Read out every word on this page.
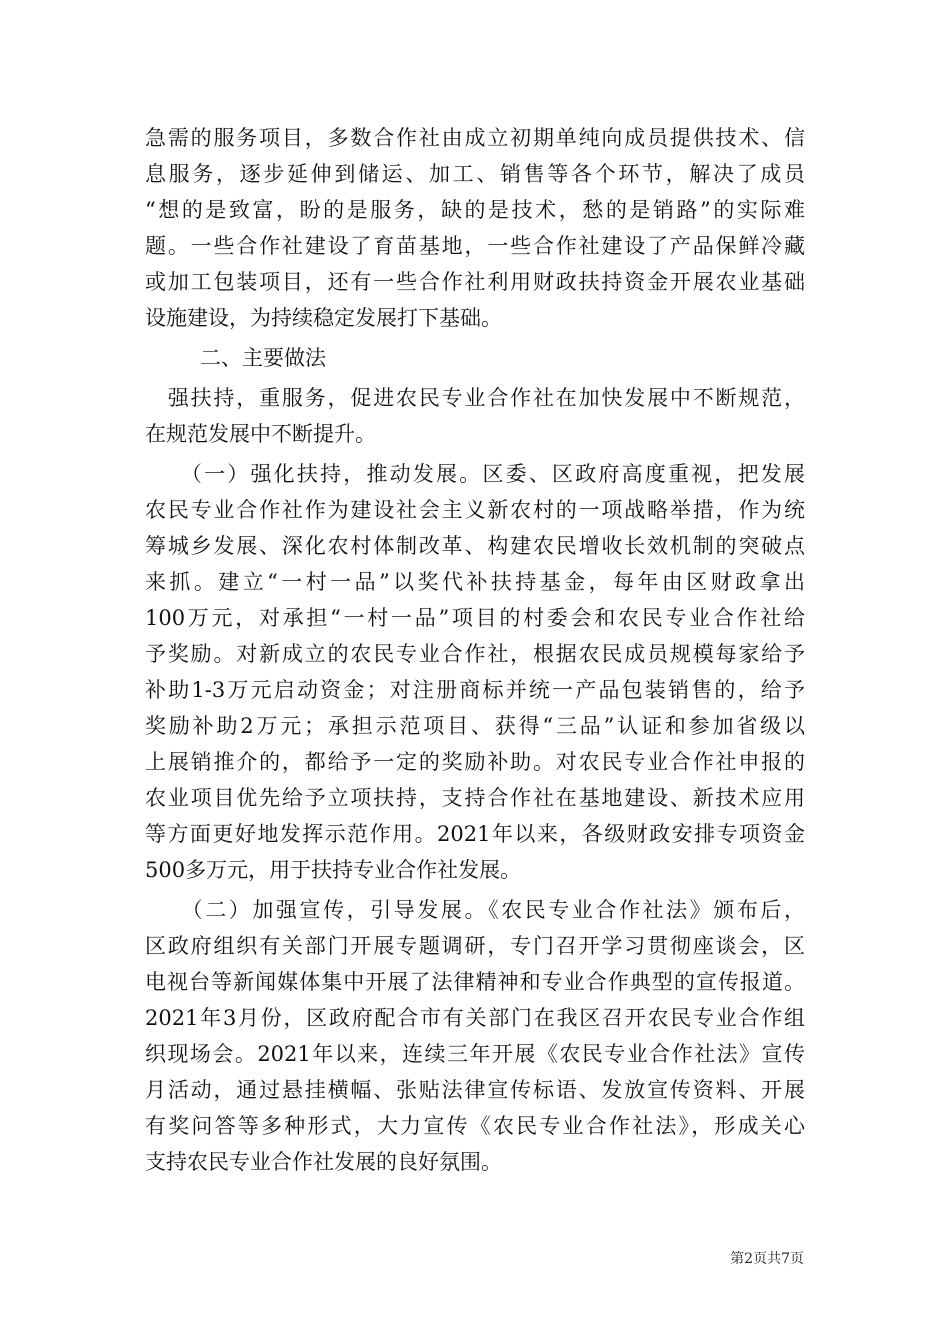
急需的服务项目，多数合作社由成立初期单纯向成员提供技术、信
息服务，逐步延伸到储运、加工、销售等各个环节，解决了成员
“想的是致富，盼的是服务，缺的是技术，愁的是销路”的实际难
题。一些合作社建设了育苗基地，一些合作社建设了产品保鲜冷藏
或加工包装项目，还有一些合作社利用财政扶持资金开展农业基础
设施建设，为持续稳定发展打下基础。
二、主要做法
　强扶持，重服务，促进农民专业合作社在加快发展中不断规范，
在规范发展中不断提升。
　　（一）强化扶持，推动发展。区委、区政府高度重视，把发展
农民专业合作社作为建设社会主义新农村的一项战略举措，作为统
筹城乡发展、深化农村体制改革、构建农民增收长效机制的突破点
来抓。建立“一村一品”以奖代补扶持基金，每年由区财政拿出
100万元，对承担“一村一品”项目的村委会和农民专业合作社给
予奖励。对新成立的农民专业合作社，根据农民成员规模每家给予
补助1-3万元启动资金；对注册商标并统一产品包装销售的，给予
奖励补助2万元；承担示范项目、获得“三品”认证和参加省级以
上展销推介的，都给予一定的奖励补助。对农民专业合作社申报的
农业项目优先给予立项扶持，支持合作社在基地建设、新技术应用
等方面更好地发挥示范作用。2021年以来，各级财政安排专项资金
500多万元，用于扶持专业合作社发展。
　　（二）加强宣传，引导发展。《农民专业合作社法》颁布后，
区政府组织有关部门开展专题调研，专门召开学习贯彻座谈会，区
电视台等新闻媒体集中开展了法律精神和专业合作典型的宣传报道。
2021年3月份，区政府配合市有关部门在我区召开农民专业合作组
织现场会。2021年以来，连续三年开展《农民专业合作社法》宣传
月活动，通过悬挂横幅、张贴法律宣传标语、发放宣传资料、开展
有奖问答等多种形式，大力宣传《农民专业合作社法》，形成关心
支持农民专业合作社发展的良好氛围。
第2页共7页
